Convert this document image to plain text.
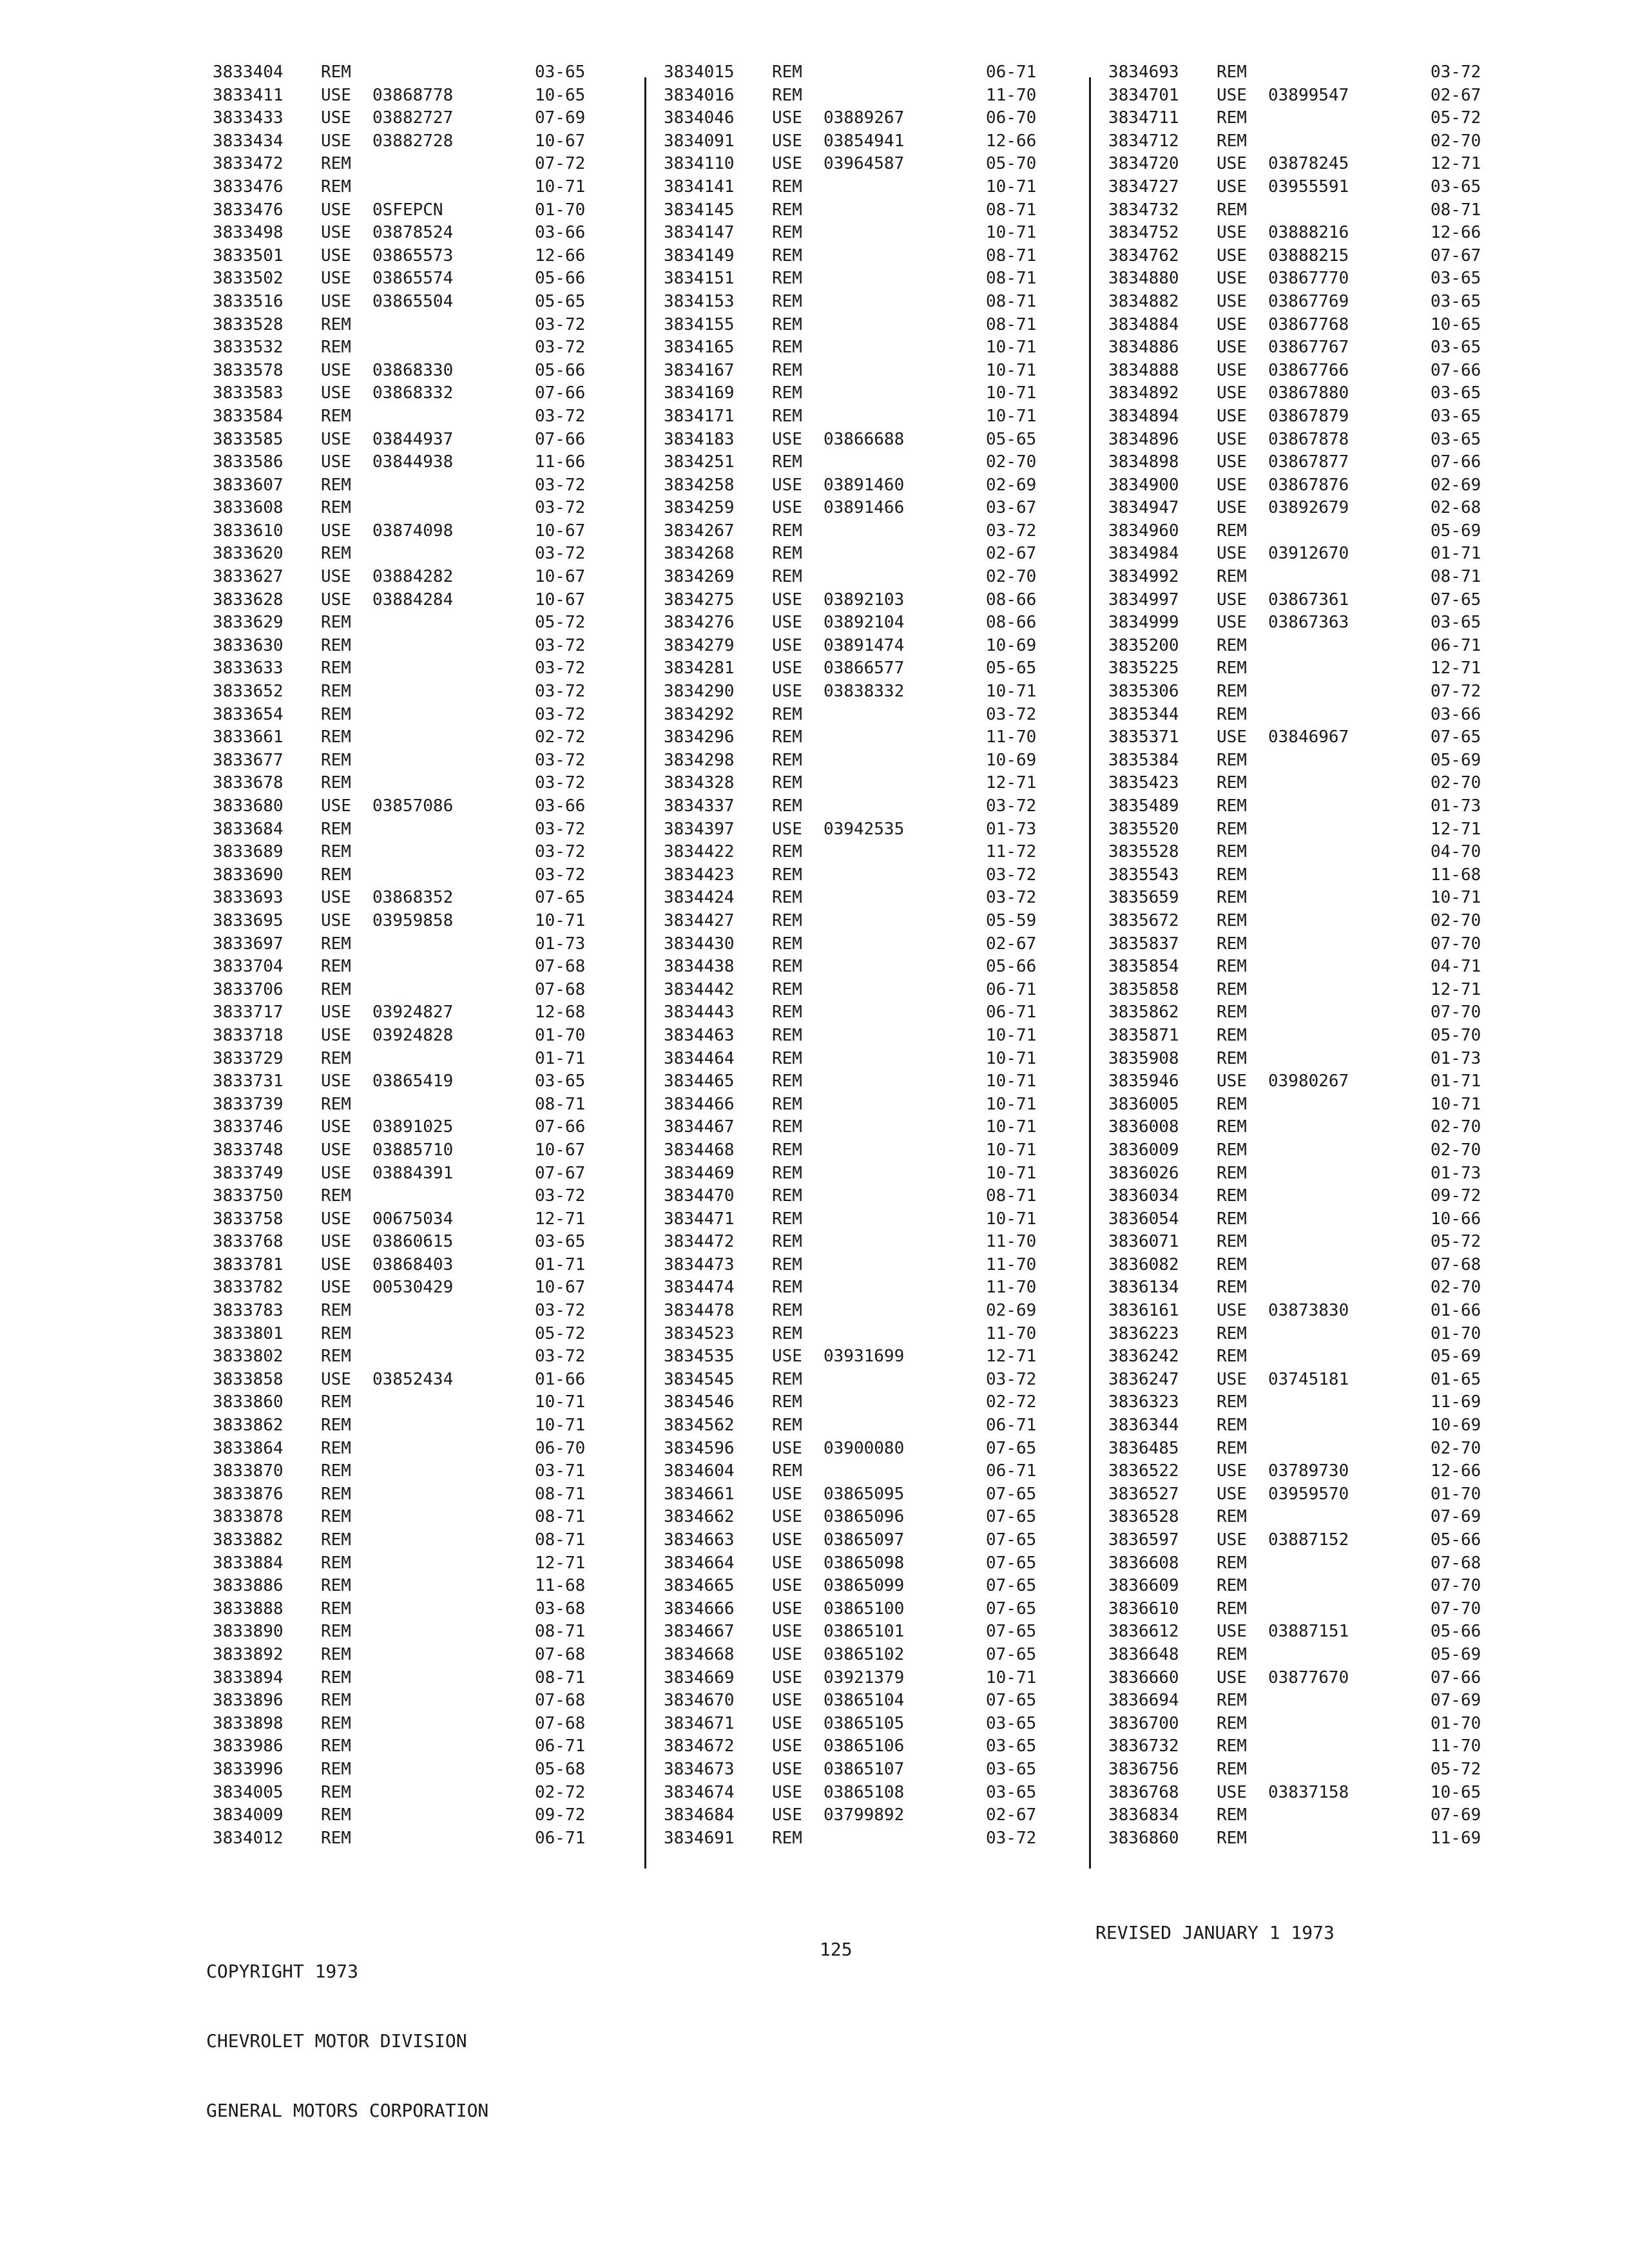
3833404 REM	03-65
3833411 USE 03868778	10-65
3833433 USE 03882727	07-69
3833434 USE 03882728	10-67
3833472 REM	07-72
3833476 REM	10-71
3833476 USE 0SFEPCN	01-70
3833498 USE 03878524	03-66
3833501 USE 03865573	12-66
3833502 USE 03865574	05-66
3833516 USE 03865504	05-65
3833528 REM	03-72
3833532 REM	03-72
3833578 USE 03868330	05-66
3833583 USE 03868332	07-66
3833584 REM	03-72
3833585 USE 03844937	07-66
3833586 USE 03844938	11-66
3833607 REM	03-72
3833608 REM	03-72
3833610 USE 03874098	10-67
3833620 REM	03-72
3833627 USE 03884282	10-67
3833628 USE 03884284	10-67
3833629 REM	05-72
3833630 REM	03-72
3833633 REM	03-72
3833652 REM	03-72
3833654 REM	03-72
3833661 REM	02-72
3833677 REM	03-72
3833678 REM	03-72
3833680 USE 03857086	03-66
3833684 REM	03-72
3833689 REM	03-72
3833690 REM	03-72
3833693 USE 03868352	07-65
3833695 USE 03959858	10-71
3833697 REM	01-73
3833704 REM	07-68
3833706 REM	07-68
3833717 USE 03924827	12-68
3833718 USE 03924828	01-70
3833729 REM	01-71
3833731 USE 03865419	03-65
3833739 REM	08-71
3833746 USE 03891025	07-66
3833748 USE 03885710	10-67
3833749 USE 03884391	07-67
3833750 REM	03-72
3833758 USE 00675034	12-71
3833768 USE 03860615	03-65
3833781 USE 03868403	01-71
3833782 USE 00530429	10-67
3833783 REM	03-72
3833801 REM	05-72
3833802 REM	03-72
3833858 USE 03852434	01-66
3833860 REM	10-71
3833862 REM	10-71
3833864 REM	06-70
3833870 REM	03-71
3833876 REM	08-71
3833878 REM	08-71
3833882 REM	08-71
3833884 REM	12-71
3833886 REM	11-68
3833888 REM	03-68
3833890 REM	08-71
3833892 REM	07-68
3833894 REM	08-71
3833896 REM	07-68
3833898 REM	07-68
3833986 REM	06-71
3833996 REM	05-68
3834005 REM	02-72
3834009 REM	09-72
3834012 REM	06-71
3834015 REM	06-71
3834016 REM	11-70
3834046 USE 03889267	06-70
3834091 USE 03854941	12-66
3834110 USE 03964587	05-70
3834141 REM	10-71
3834145 REM	08-71
3834147 REM	10-71
3834149 REM	08-71
3834151 REM	08-71
3834153 REM	08-71
3834155 REM	08-71
3834165 REM	10-71
3834167 REM	10-71
3834169 REM	10-71
3834171 REM	10-71
3834183 USE 03866688	05-65
3834251 REM	02-70
3834258 USE 03891460	02-69
3834259 USE 03891466	03-67
3834267 REM	03-72
3834268 REM	02-67
3834269 REM	02-70
3834275 USE 03892103	08-66
3834276 USE 03892104	08-66
3834279 USE 03891474	10-69
3834281 USE 03866577	05-65
3834290 USE 03838332	10-71
3834292 REM	03-72
3834296 REM	11-70
3834298 REM	10-69
3834328 REM	12-71
3834337 REM	03-72
3834397 USE 03942535	01-73
3834422 REM	11-72
3834423 REM	03-72
3834424 REM	03-72
3834427 REM	05-59
3834430 REM	02-67
3834438 REM	05-66
3834442 REM	06-71
3834443 REM	06-71
3834463 REM	10-71
3834464 REM	10-71
3834465 REM	10-71
3834466 REM	10-71
3834467 REM	10-71
3834468 REM	10-71
3834469 REM	10-71
3834470 REM	08-71
3834471 REM	10-71
3834472 REM	11-70
3834473 REM	11-70
3834474 REM	11-70
3834478 REM	02-69
3834523 REM	11-70
3834535 USE 03931699	12-71
3834545 REM	03-72
3834546 REM	02-72
3834562 REM	06-71
3834596 USE 03900080	07-65
3834604 REM	06-71
3834661 USE 03865095	07-65
3834662 USE 03865096	07-65
3834663 USE 03865097	07-65
3834664 USE 03865098	07-65
3834665 USE 03865099	07-65
3834666 USE 03865100	07-65
3834667 USE 03865101	07-65
3834668 USE 03865102	07-65
3834669 USE 03921379	10-71
3834670 USE 03865104	07-65
3834671 USE 03865105	03-65
3834672 USE 03865106	03-65
3834673 USE 03865107	03-65
3834674 USE 03865108	03-65
3834684 USE 03799892	02-67
3834691 REM	03-72
3834693 REM	03-72
3834701 USE 03899547	02-67
3834711 REM	05-72
3834712 REM	02-70
3834720 USE 03878245	12-71
3834727 USE 03955591	03-65
3834732 REM	08-71
3834752 USE 03888216	12-66
3834762 USE 03888215	07-67
3834880 USE 03867770	03-65
3834882 USE 03867769	03-65
3834884 USE 03867768	10-65
3834886 USE 03867767	03-65
3834888 USE 03867766	07-66
3834892 USE 03867880	03-65
3834894 USE 03867879	03-65
3834896 USE 03867878	03-65
3834898 USE 03867877	07-66
3834900 USE 03867876	02-69
3834947 USE 03892679	02-68
3834960 REM	05-69
3834984 USE 03912670	01-71
3834992 REM	08-71
3834997 USE 03867361	07-65
3834999 USE 03867363	03-65
3835200 REM	06-71
3835225 REM	12-71
3835306 REM	07-72
3835344 REM	03-66
3835371 USE 03846967	07-65
3835384 REM	05-69
3835423 REM	02-70
3835489 REM	01-73
3835520 REM	12-71
3835528 REM	04-70
3835543 REM	11-68
3835659 REM	10-71
3835672 REM	02-70
3835837 REM	07-70
3835854 REM	04-71
3835858 REM	12-71
3835862 REM	07-70
3835871 REM	05-70
3835908 REM	01-73
3835946 USE 03980267	01-71
3836005 REM	10-71
3836008 REM	02-70
3836009 REM	02-70
3836026 REM	01-73
3836034 REM	09-72
3836054 REM	10-66
3836071 REM	05-72
3836082 REM	07-68
3836134 REM	02-70
3836161 USE 03873830	01-66
3836223 REM	01-70
3836242 REM	05-69
3836247 USE 03745181	01-65
3836323 REM	11-69
3836344 REM	10-69
3836485 REM	02-70
3836522 USE 03789730	12-66
3836527 USE 03959570	01-70
3836528 REM	07-69
3836597 USE 03887152	05-66
3836608 REM	07-68
3836609 REM	07-70
3836610 REM	07-70
3836612 USE 03887151	05-66
3836648 REM	05-69
3836660 USE 03877670	07-66
3836694 REM	07-69
3836700 REM	01-70
3836732 REM	11-70
3836756 REM	05-72
3836768 USE 03837158	10-65
3836834 REM	07-69
3836860 REM	11-69

COPYRIGHT 1973

CHEVROLET MOTOR DIVISION

GENERAL MOTORS CORPORATION

125
REVISED JANUARY 1 1973
